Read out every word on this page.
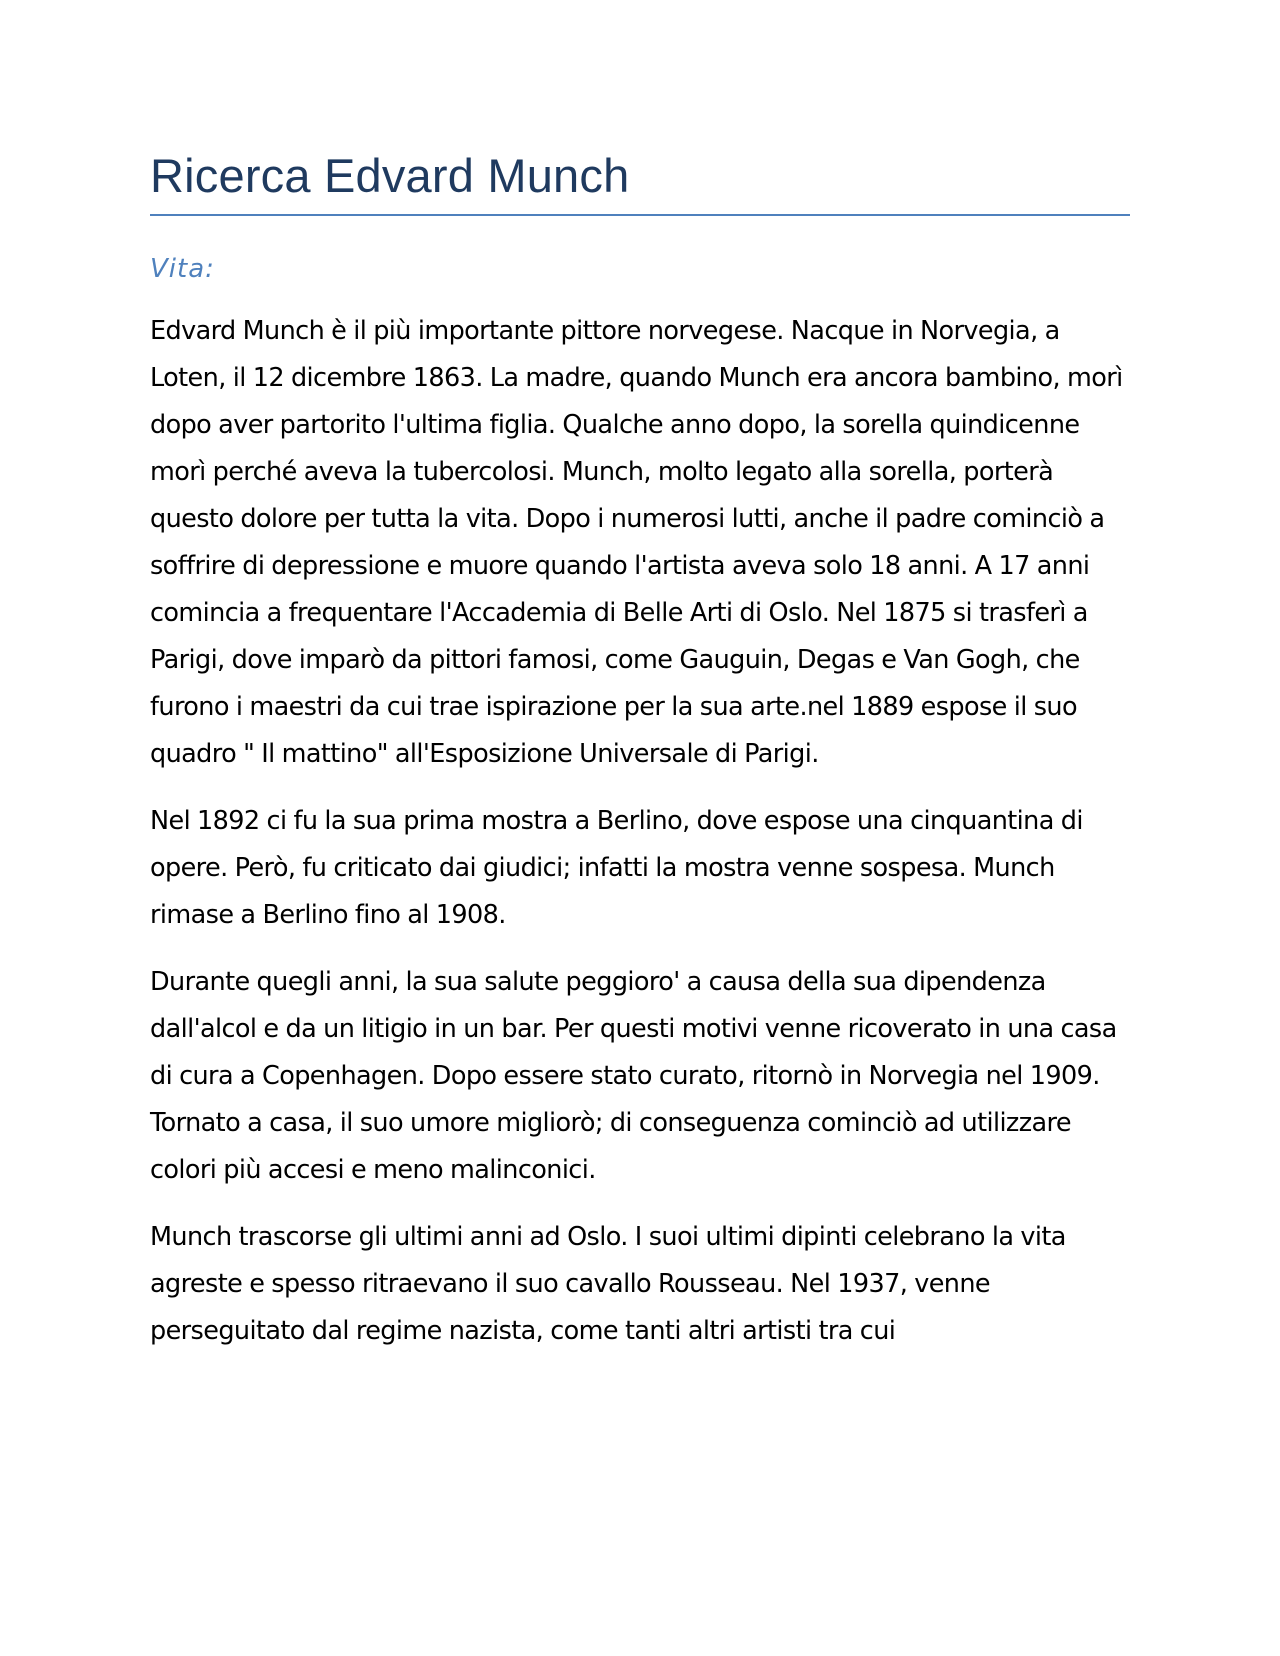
Ricerca Edvard Munch
Vita:

Edvard Munch è il più importante pittore norvegese. Nacque in Norvegia, a Loten, il 12 dicembre 1863. La madre, quando Munch era ancora bambino, morì dopo aver partorito l'ultima figlia. Qualche anno dopo, la sorella quindicenne morì perché aveva la tubercolosi. Munch, molto legato alla sorella, porterà questo dolore per tutta la vita. Dopo i numerosi lutti, anche il padre cominciò a soffrire di depressione e muore quando l'artista aveva solo 18 anni. A 17 anni comincia a frequentare l'Accademia di Belle Arti di Oslo. Nel 1875 si trasferì a Parigi, dove imparò da pittori famosi, come Gauguin, Degas e Van Gogh, che furono i maestri da cui trae ispirazione per la sua arte.nel 1889 espose il suo quadro " Il mattino" all'Esposizione Universale di Parigi.

Nel 1892 ci fu la sua prima mostra a Berlino, dove espose una cinquantina di opere. Però, fu criticato dai giudici; infatti la mostra venne sospesa. Munch rimase a Berlino fino al 1908.

Durante quegli anni, la sua salute peggioro' a causa della sua dipendenza dall'alcol e da un litigio in un bar. Per questi motivi venne ricoverato in una casa di cura a Copenhagen. Dopo essere stato curato, ritornò in Norvegia nel 1909. Tornato a casa, il suo umore migliorò; di conseguenza cominciò ad utilizzare colori più accesi e meno malinconici.

Munch trascorse gli ultimi anni ad Oslo. I suoi ultimi dipinti celebrano la vita agreste e spesso ritraevano il suo cavallo Rousseau. Nel 1937, venne perseguitato dal regime nazista, come tanti altri artisti tra cui
